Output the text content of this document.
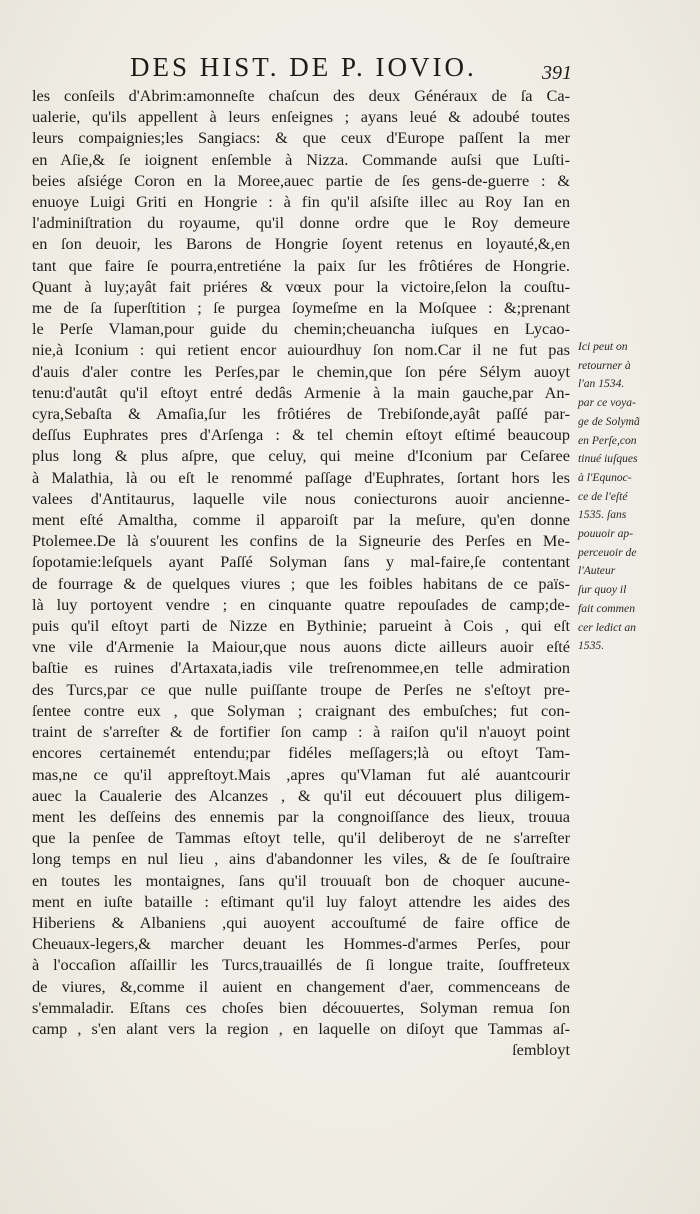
DES HIST. DE P. IOVIO.	391
les conſeils d'Abrim:amonneſte chaſcun des deux Généraux de ſa Ca-
ualerie, qu'ils appellent à leurs enſeignes ; ayans leué & adoubé toutes
leurs compaignies;les Sangiacs: & que ceux d'Europe paſſent la mer
en Aſie,& ſe ioignent enſemble à Nizza. Commande auſsi que Luſti-
beies aſsiége Coron en la Moree,auec partie de ſes gens-de-guerre : &
enuoye Luigi Griti en Hongrie : à fin qu'il aſsiſte illec au Roy Ian en
l'adminiſtration du royaume, qu'il donne ordre que le Roy demeure
en ſon deuoir, les Barons de Hongrie ſoyent retenus en loyauté,&,en
tant que faire ſe pourra,entretiéne la paix ſur les frôtiéres de Hongrie.
Quant à luy;ayât fait priéres & vœux pour la victoire,ſelon la couſtu-
me de ſa ſuperſtition ; ſe purgea ſoymeſme en la Moſquee : &;prenant
le Perſe Vlaman,pour guide du chemin;cheuancha iuſques en Lycao-
nie,à Iconium : qui retient encor auiourdhuy ſon nom.Car il ne fut pas
d'auis d'aler contre les Perſes,par le chemin,que ſon pére Sélym auoyt
tenu:d'autât qu'il eſtoyt entré dedâs Armenie à la main gauche,par An-
cyra,Sebaſta & Amaſia,ſur les frôtiéres de Trebiſonde,ayât paſſé par-
deſſus Euphrates pres d'Arſenga : & tel chemin eſtoyt eſtimé beaucoup
plus long & plus aſpre, que celuy, qui meine d'Iconium par Ceſaree
à Malathia, là ou eſt le renommé paſſage d'Euphrates, ſortant hors les
valees d'Antitaurus, laquelle vile nous coniecturons auoir ancienne-
ment eſté Amaltha, comme il apparoiſt par la meſure, qu'en donne
Ptolemee.De là s'ouurent les confins de la Signeurie des Perſes en Me-
ſopotamie:leſquels ayant Paſſé Solyman ſans y mal-faire,ſe contentant
de fourrage & de quelques viures ; que les foibles habitans de ce païs-
là luy portoyent vendre ; en cinquante quatre repouſades de camp;de-
puis qu'il eſtoyt parti de Nizze en Bythinie; parueint à Cois , qui eſt
vne vile d'Armenie la Maiour,que nous auons dicte ailleurs auoir eſté
baſtie es ruines d'Artaxata,iadis vile treſrenommee,en telle admiration
des Turcs,par ce que nulle puiſſante troupe de Perſes ne s'eſtoyt pre-
ſentee contre eux , que Solyman ; craignant des embuſches; fut con-
traint de s'arreſter & de fortifier ſon camp : à raiſon qu'il n'auoyt point
encores certainemét entendu;par fidéles meſſagers;là ou eſtoyt Tam-
mas,ne ce qu'il appreſtoyt.Mais ,apres qu'Vlaman fut alé auantcourir
auec la Caualerie des Alcanzes , & qu'il eut découuert plus diligem-
ment les deſſeins des ennemis par la congnoiſſance des lieux, trouua
que la penſee de Tammas eſtoyt telle, qu'il deliberoyt de ne s'arreſter
long temps en nul lieu , ains d'abandonner les viles, & de ſe ſouſtraire
en toutes les montaignes, ſans qu'il trouuaſt bon de choquer aucune-
ment en iuſte bataille : eſtimant qu'il luy faloyt attendre les aides des
Hiberiens & Albaniens ,qui auoyent accouſtumé de faire office de
Cheuaux-legers,& marcher deuant les Hommes-d'armes Perſes, pour
à l'occaſion aſſaillir les Turcs,trauaillés de ſi longue traite, ſouffreteux
de viures, &,comme il auient en changement d'aer, commenceans de
s'emmaladir. Eſtans ces choſes bien découuertes, Solyman remua ſon
camp , s'en alant vers la region , en laquelle on diſoyt que Tammas aſ-
ſembloyt
Ici peut on
retourner à
l'an 1534.
par ce voya-
ge de Solymã
en Perſe,con
tinué iuſques
à l'Equnoc-
ce de l'eſté
1535. ſans
pouuoir ap-
perceuoir de
l'Auteur
ſur quoy il
fait commen
cer ledict an
1535.
